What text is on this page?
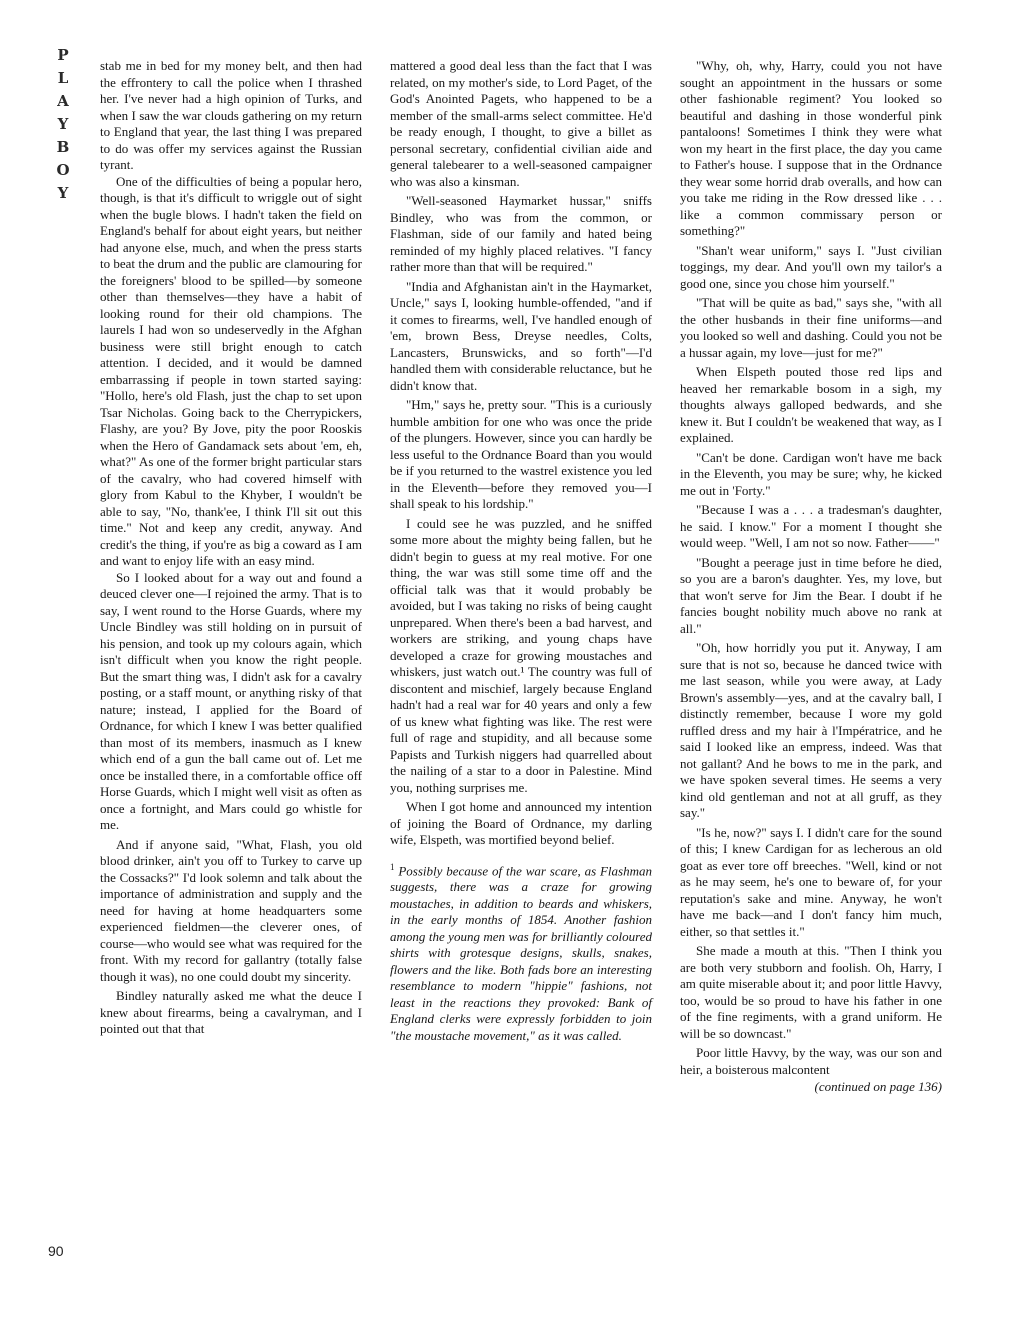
P
L
A
Y
B
O
Y

stab me in bed for my money belt, and then had the effrontery to call the police when I thrashed her. I've never had a high opinion of Turks, and when I saw the war clouds gathering on my return to England that year, the last thing I was prepared to do was offer my services against the Russian tyrant.

One of the difficulties of being a popular hero, though, is that it's difficult to wriggle out of sight when the bugle blows. I hadn't taken the field on England's behalf for about eight years, but neither had anyone else, much, and when the press starts to beat the drum and the public are clamouring for the foreigners' blood to be spilled—by someone other than themselves—they have a habit of looking round for their old champions. The laurels I had won so undeservedly in the Afghan business were still bright enough to catch attention. I decided, and it would be damned embarrassing if people in town started saying: "Hollo, here's old Flash, just the chap to set upon Tsar Nicholas. Going back to the Cherrypickers, Flashy, are you? By Jove, pity the poor Rooskis when the Hero of Gandamack sets about 'em, eh, what?" As one of the former bright particular stars of the cavalry, who had covered himself with glory from Kabul to the Khyber, I wouldn't be able to say, "No, thank'ee, I think I'll sit out this time." Not and keep any credit, anyway. And credit's the thing, if you're as big a coward as I am and want to enjoy life with an easy mind.

So I looked about for a way out and found a deuced clever one—I rejoined the army. That is to say, I went round to the Horse Guards, where my Uncle Bindley was still holding on in pursuit of his pension, and took up my colours again, which isn't difficult when you know the right people. But the smart thing was, I didn't ask for a cavalry posting, or a staff mount, or anything risky of that nature; instead, I applied for the Board of Ordnance, for which I knew I was better qualified than most of its members, inasmuch as I knew which end of a gun the ball came out of. Let me once be installed there, in a comfortable office off Horse Guards, which I might well visit as often as once a fortnight, and Mars could go whistle for me.

And if anyone said, "What, Flash, you old blood drinker, ain't you off to Turkey to carve up the Cossacks?" I'd look solemn and talk about the importance of administration and supply and the need for having at home headquarters some experienced fieldmen—the cleverer ones, of course—who would see what was required for the front. With my record for gallantry (totally false though it was), no one could doubt my sincerity.

Bindley naturally asked me what the deuce I knew about firearms, being a cavalryman, and I pointed out that that

mattered a good deal less than the fact that I was related, on my mother's side, to Lord Paget, of the God's Anointed Pagets, who happened to be a member of the small-arms select committee. He'd be ready enough, I thought, to give a billet as personal secretary, confidential civilian aide and general talebearer to a well-seasoned campaigner who was also a kinsman.

"Well-seasoned Haymarket hussar," sniffs Bindley, who was from the common, or Flashman, side of our family and hated being reminded of my highly placed relatives. "I fancy rather more than that will be required."

"India and Afghanistan ain't in the Haymarket, Uncle," says I, looking humble-offended, "and if it comes to firearms, well, I've handled enough of 'em, brown Bess, Dreyse needles, Colts, Lancasters, Brunswicks, and so forth"—I'd handled them with considerable reluctance, but he didn't know that.

"Hm," says he, pretty sour. "This is a curiously humble ambition for one who was once the pride of the plungers. However, since you can hardly be less useful to the Ordnance Board than you would be if you returned to the wastrel existence you led in the Eleventh—before they removed you—I shall speak to his lordship."

I could see he was puzzled, and he sniffed some more about the mighty being fallen, but he didn't begin to guess at my real motive. For one thing, the war was still some time off and the official talk was that it would probably be avoided, but I was taking no risks of being caught unprepared. When there's been a bad harvest, and workers are striking, and young chaps have developed a craze for growing moustaches and whiskers, just watch out.¹ The country was full of discontent and mischief, largely because England hadn't had a real war for 40 years and only a few of us knew what fighting was like. The rest were full of rage and stupidity, and all because some Papists and Turkish niggers had quarrelled about the nailing of a star to a door in Palestine. Mind you, nothing surprises me.

When I got home and announced my intention of joining the Board of Ordnance, my darling wife, Elspeth, was mortified beyond belief.

$^1$ Possibly because of the war scare, as Flashman suggests, there was a craze for growing moustaches, in addition to beards and whiskers, in the early months of 1854. Another fashion among the young men was for brilliantly coloured shirts with grotesque designs, skulls, snakes, flowers and the like. Both fads bore an interesting resemblance to modern "hippie" fashions, not least in the reactions they provoked: Bank of England clerks were expressly forbidden to join "the moustache movement," as it was called.

"Why, oh, why, Harry, could you not have sought an appointment in the hussars or some other fashionable regiment? You looked so beautiful and dashing in those wonderful pink pantaloons! Sometimes I think they were what won my heart in the first place, the day you came to Father's house. I suppose that in the Ordnance they wear some horrid drab overalls, and how can you take me riding in the Row dressed like . . . like a common commissary person or something?"

"Shan't wear uniform," says I. "Just civilian toggings, my dear. And you'll own my tailor's a good one, since you chose him yourself."

"That will be quite as bad," says she, "with all the other husbands in their fine uniforms—and you looked so well and dashing. Could you not be a hussar again, my love—just for me?"

When Elspeth pouted those red lips and heaved her remarkable bosom in a sigh, my thoughts always galloped bedwards, and she knew it. But I couldn't be weakened that way, as I explained.

"Can't be done. Cardigan won't have me back in the Eleventh, you may be sure; why, he kicked me out in 'Forty."

"Because I was a . . . a tradesman's daughter, he said. I know." For a moment I thought she would weep. "Well, I am not so now. Father——"

"Bought a peerage just in time before he died, so you are a baron's daughter. Yes, my love, but that won't serve for Jim the Bear. I doubt if he fancies bought nobility much above no rank at all."

"Oh, how horridly you put it. Anyway, I am sure that is not so, because he danced twice with me last season, while you were away, at Lady Brown's assembly—yes, and at the cavalry ball, I distinctly remember, because I wore my gold ruffled dress and my hair à l'Impératrice, and he said I looked like an empress, indeed. Was that not gallant? And he bows to me in the park, and we have spoken several times. He seems a very kind old gentleman and not at all gruff, as they say."

"Is he, now?" says I. I didn't care for the sound of this; I knew Cardigan for as lecherous an old goat as ever tore off breeches. "Well, kind or not as he may seem, he's one to beware of, for your reputation's sake and mine. Anyway, he won't have me back—and I don't fancy him much, either, so that settles it."

She made a mouth at this. "Then I think you are both very stubborn and foolish. Oh, Harry, I am quite miserable about it; and poor little Havvy, too, would be so proud to have his father in one of the fine regiments, with a grand uniform. He will be so downcast."

Poor little Havvy, by the way, was our son and heir, a boisterous malcontent

(continued on page 136)
90
